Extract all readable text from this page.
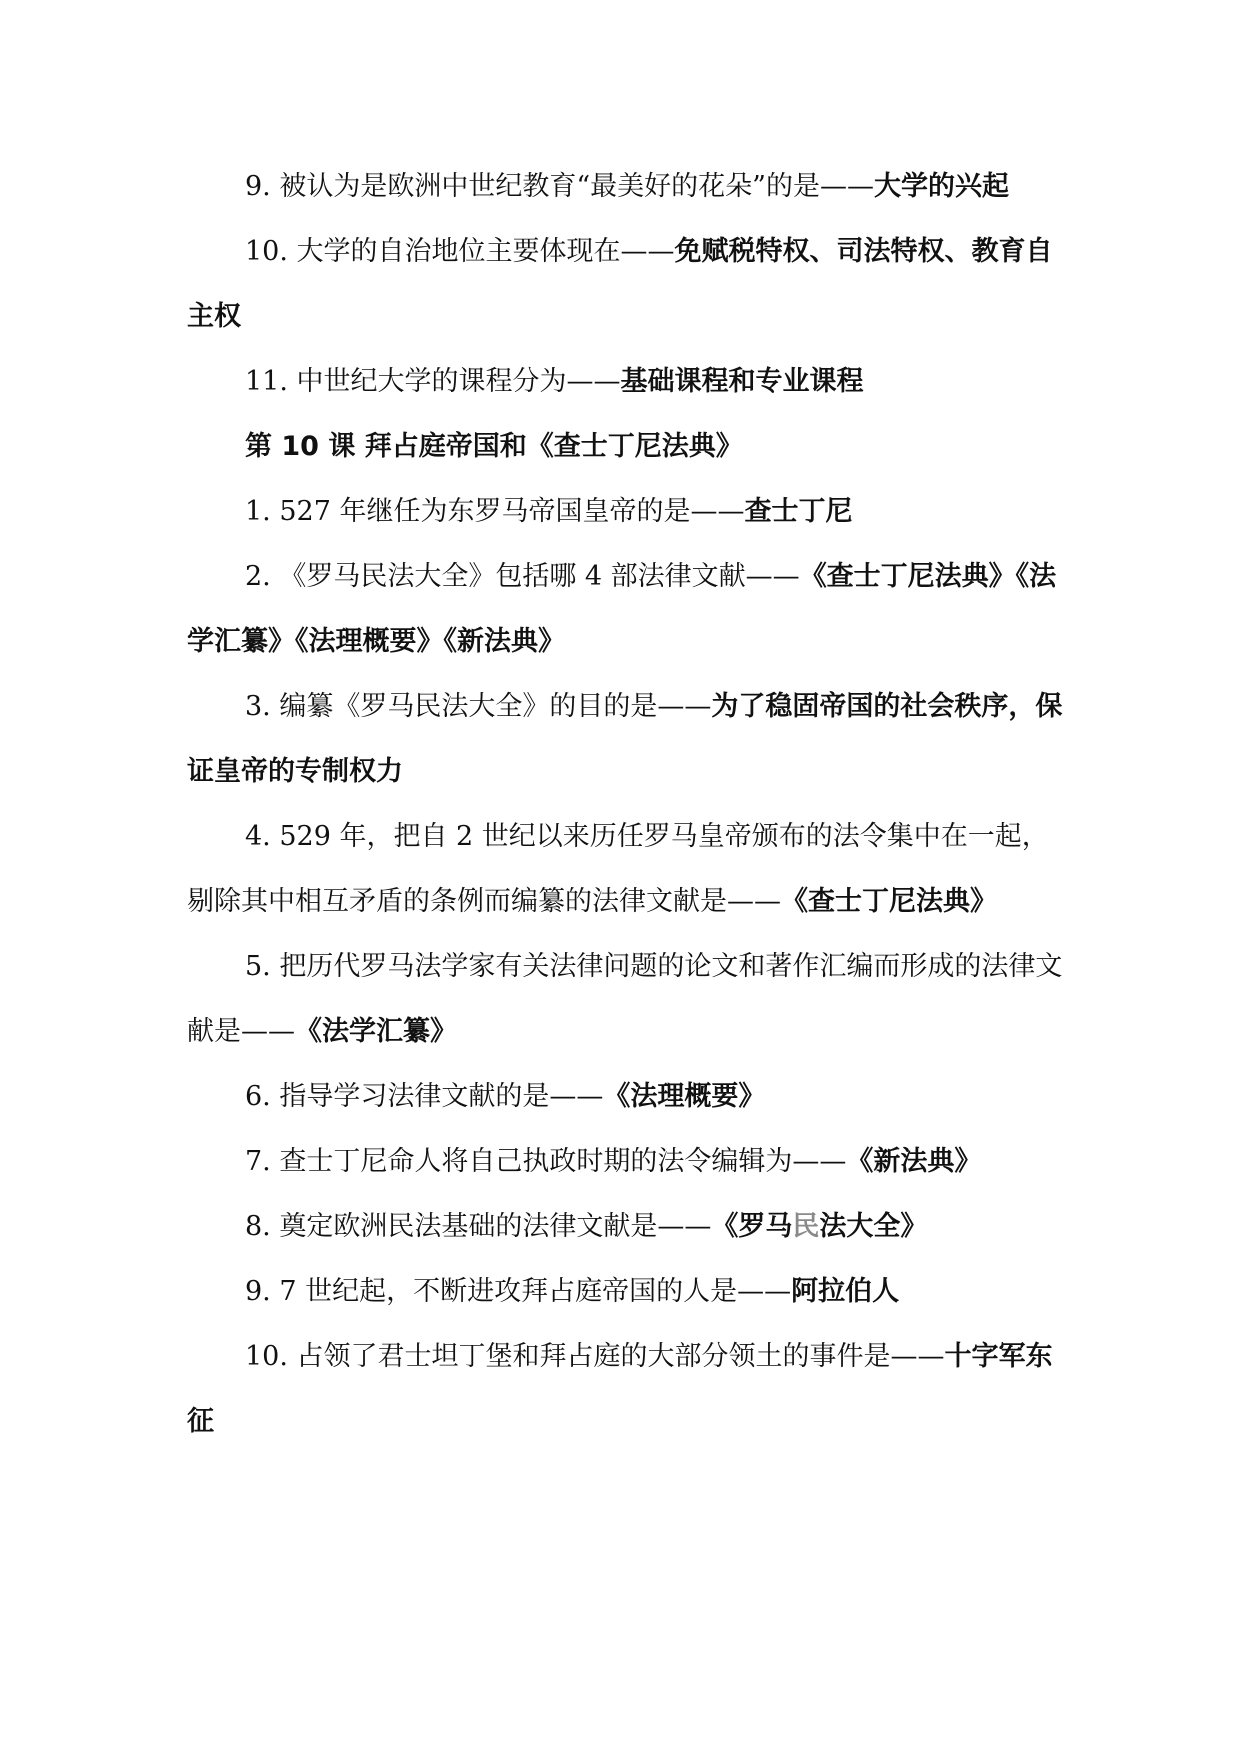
9. 被认为是欧洲中世纪教育“最美好的花朵”的是——大学的兴起

10. 大学的自治地位主要体现在——免赋税特权、司法特权、教育自主权

11. 中世纪大学的课程分为——基础课程和专业课程

第 10 课 拜占庭帝国和《查士丁尼法典》

1. 527 年继任为东罗马帝国皇帝的是——查士丁尼

2. 《罗马民法大全》包括哪 4 部法律文献——《查士丁尼法典》《法学汇纂》《法理概要》《新法典》

3. 编纂《罗马民法大全》的目的是——为了稳固帝国的社会秩序，保证皇帝的专制权力

4. 529 年，把自 2 世纪以来历任罗马皇帝颁布的法令集中在一起，剔除其中相互矛盾的条例而编纂的法律文献是——《查士丁尼法典》

5. 把历代罗马法学家有关法律问题的论文和著作汇编而形成的法律文献是——《法学汇纂》

6. 指导学习法律文献的是——《法理概要》

7. 查士丁尼命人将自己执政时期的法令编辑为——《新法典》

8. 奠定欧洲民法基础的法律文献是——《罗马民法大全》

9. 7 世纪起，不断进攻拜占庭帝国的人是——阿拉伯人

10. 占领了君士坦丁堡和拜占庭的大部分领土的事件是——十字军东征
